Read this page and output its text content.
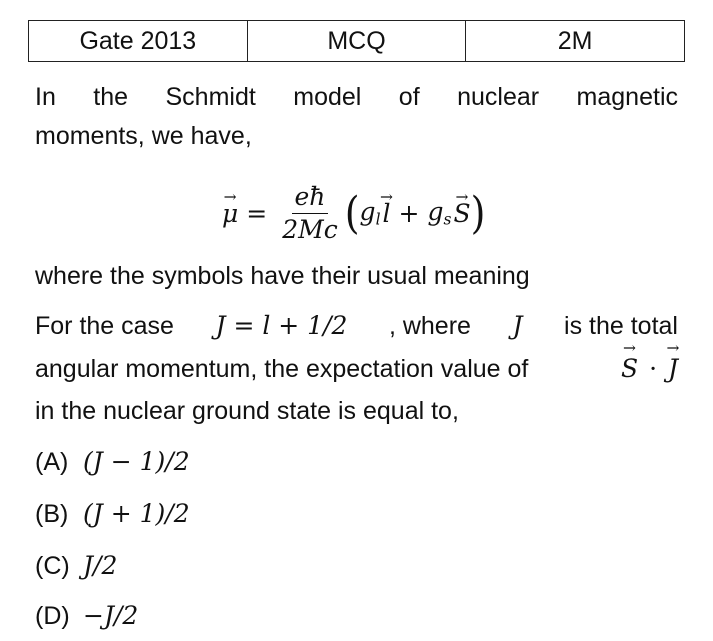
Gate 2013	MCQ	2M
In the Schmidt model of nuclear magnetic
moments, we have,
→ $\mu = \frac{eħ}{2Mc}$ ( $g_l$
→ $l + g_s$
→ S )
where the symbols have their usual meaning
For the case J = l + 1/2 , where J is the total
angular momentum, the expectation value of
→	S · → J
in the nuclear ground state is equal to,
(A) (J − 1)/2
(B) (J + 1)/2
(C) J/2
(D) −J/2
